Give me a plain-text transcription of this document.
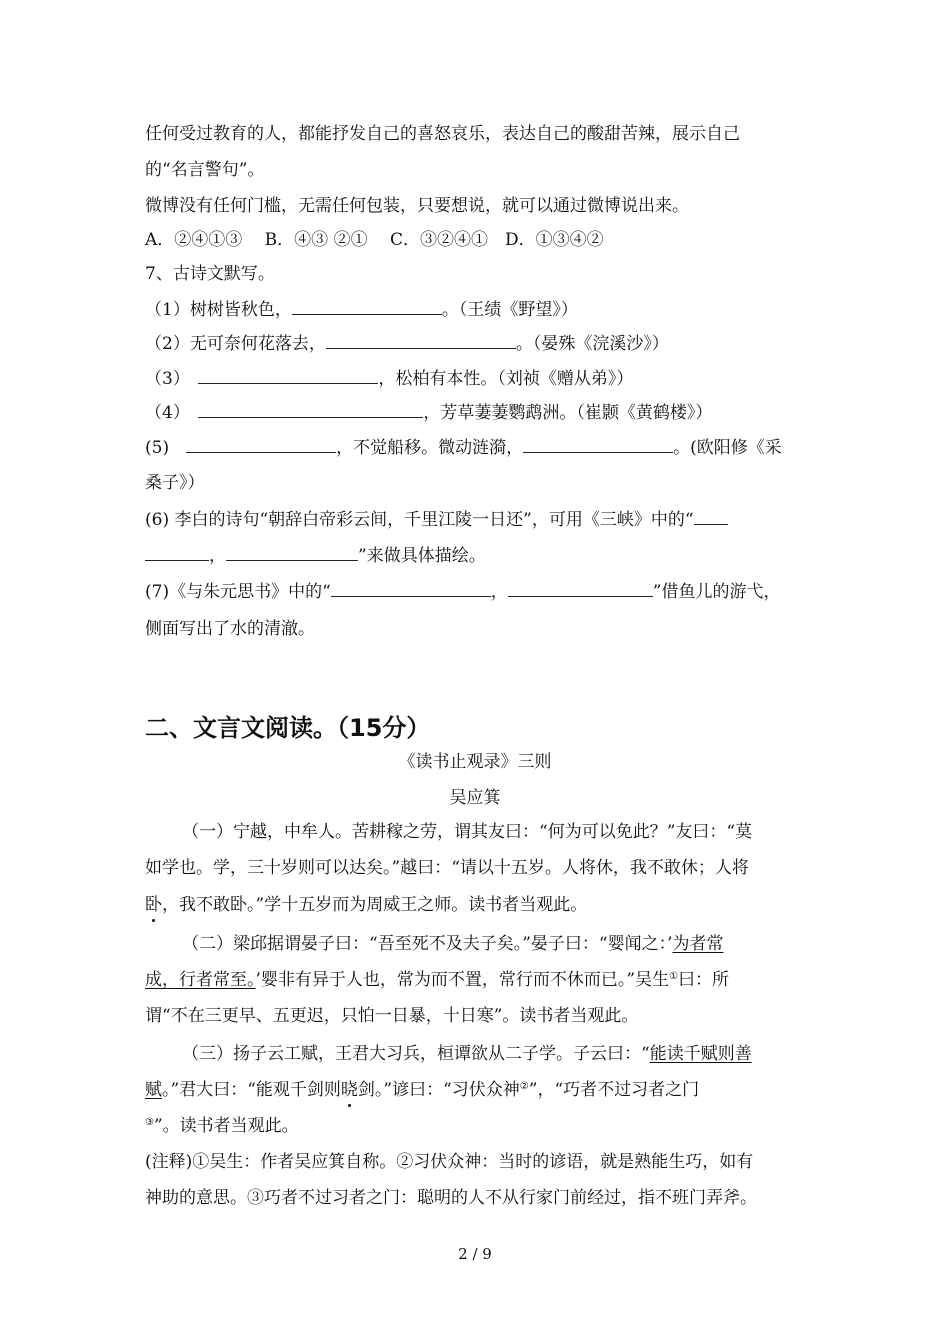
任何受过教育的人，都能抒发自己的喜怒哀乐，表达自己的酸甜苦辣，展示自己
的“名言警句”。
微博没有任何门槛，无需任何包装，只要想说，就可以通过微博说出来。
A．②④①③　 B．④③ ②①　 C．③②④①　D．①③④②
7、古诗文默写。
（1）树树皆秋色，	。（王绩《野望》）
（2）无可奈何花落去，	。（晏殊《浣溪沙》）
（3）　	，松柏有本性。（刘祯《赠从弟》）
（4）　	，芳草萋萋鹦鹉洲。（崔颢《黄鹤楼》）
(5)　	，不觉船移。微动涟漪，	。(欧阳修《采
桑子》）
(6) 李白的诗句“朝辞白帝彩云间，千里江陵一日还”，可用《三峡》中的“
，	”来做具体描绘。
(7)《与朱元思书》中的“	，	”借鱼儿的游弋，
侧面写出了水的清澈。
二、文言文阅读。（15分）
《读书止观录》三则
吴应箕
（一）宁越，中牟人。苦耕稼之劳，谓其友曰：“何为可以免此？”友曰：“莫
如学也。学，三十岁则可以达矣。”越曰：“请以十五岁。人将休，我不敢休；人将
卧，我不敢卧。”学十五岁而为周威王之师。读书者当观此。
（二）梁邱据谓晏子曰：“吾至死不及夫子矣。”晏子曰：“婴闻之：’为者常
成，行者常至。’婴非有异于人也，常为而不置，常行而不休而已。”吴生①曰：所
谓“不在三更早、五更迟，只怕一日暴，十日寒”。读书者当观此。
（三）扬子云工赋，王君大习兵，桓谭欲从二子学。子云曰：“能读千赋则善
赋。”君大曰：“能观千剑则晓剑。”谚曰：“习伏众神②”，“巧者不过习者之门
③”。读书者当观此。
(注释)①吴生：作者吴应箕自称。②习伏众神：当时的谚语，就是熟能生巧，如有
神助的意思。③巧者不过习者之门：聪明的人不从行家门前经过，指不班门弄斧。
2 / 9
